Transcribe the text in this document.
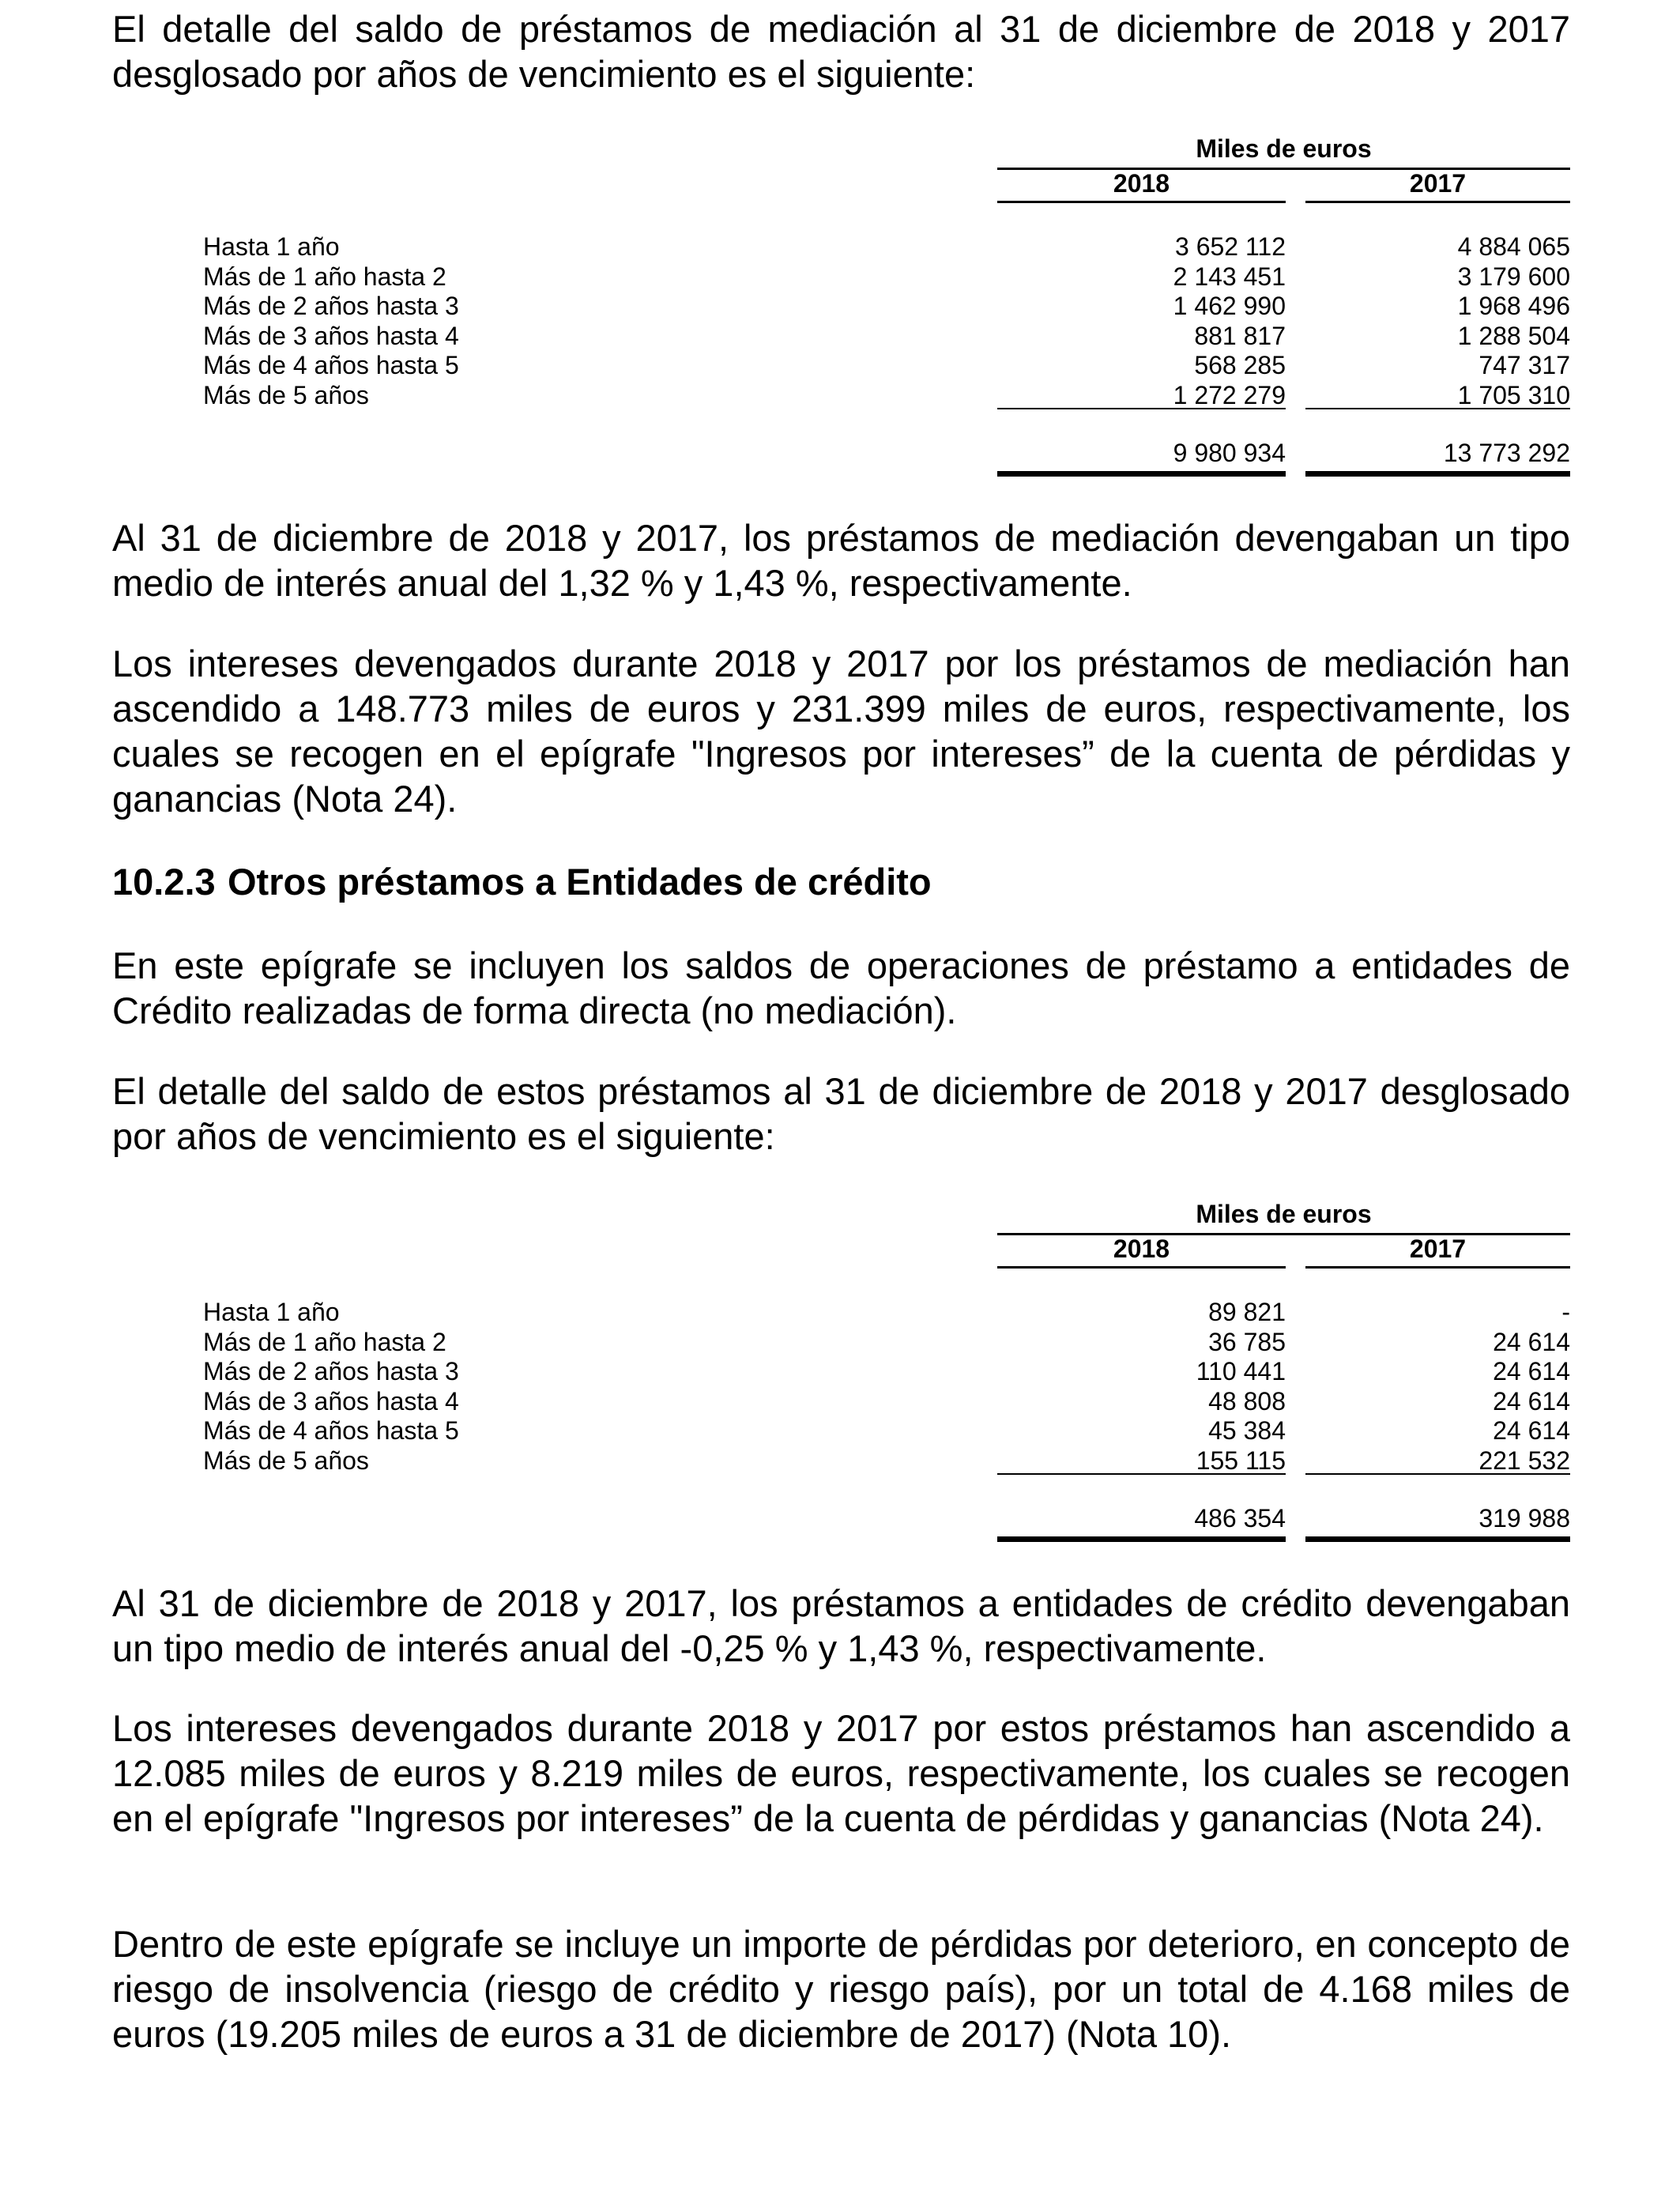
El detalle del saldo de préstamos de mediación al 31 de diciembre de 2018 y 2017 desglosado por años de vencimiento es el siguiente:

Miles de euros
2018	2017
Hasta 1 año	3 652 112	4 884 065
Más de 1 año hasta 2	2 143 451	3 179 600
Más de 2 años hasta 3	1 462 990	1 968 496
Más de 3 años hasta 4	881 817	1 288 504
Más de 4 años hasta 5	568 285	747 317
Más de 5 años	1 272 279	1 705 310
9 980 934	13 773 292

Al 31 de diciembre de 2018 y 2017, los préstamos de mediación devengaban un tipo medio de interés anual del 1,32 % y 1,43 %, respectivamente.

Los intereses devengados durante 2018 y 2017 por los préstamos de mediación han ascendido a 148.773 miles de euros y 231.399 miles de euros, respectivamente, los cuales se recogen en el epígrafe "Ingresos por intereses” de la cuenta de pérdidas y ganancias (Nota 24).

10.2.3 Otros préstamos a Entidades de crédito

En este epígrafe se incluyen los saldos de operaciones de préstamo a entidades de Crédito realizadas de forma directa (no mediación).

El detalle del saldo de estos préstamos al 31 de diciembre de 2018 y 2017 desglosado por años de vencimiento es el siguiente:

Miles de euros
2018	2017
Hasta 1 año	89 821	-
Más de 1 año hasta 2	36 785	24 614
Más de 2 años hasta 3	110 441	24 614
Más de 3 años hasta 4	48 808	24 614
Más de 4 años hasta 5	45 384	24 614
Más de 5 años	155 115	221 532
486 354	319 988

Al 31 de diciembre de 2018 y 2017, los préstamos a entidades de crédito devengaban un tipo medio de interés anual del -0,25 % y 1,43 %, respectivamente.

Los intereses devengados durante 2018 y 2017 por estos préstamos han ascendido a 12.085 miles de euros y 8.219 miles de euros, respectivamente, los cuales se recogen en el epígrafe "Ingresos por intereses” de la cuenta de pérdidas y ganancias (Nota 24).

Dentro de este epígrafe se incluye un importe de pérdidas por deterioro, en concepto de riesgo de insolvencia (riesgo de crédito y riesgo país), por un total de 4.168 miles de euros (19.205 miles de euros a 31 de diciembre de 2017) (Nota 10).
